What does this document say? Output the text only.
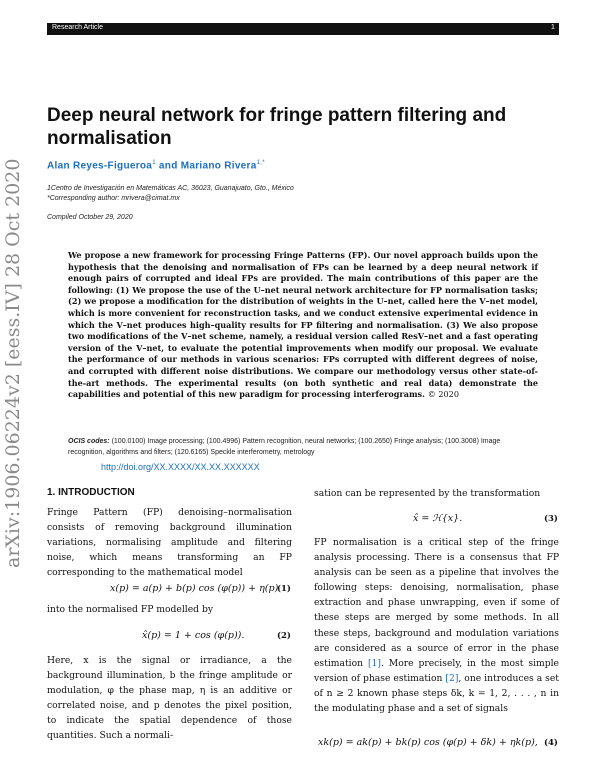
Research Article	1
arXiv:1906.06224v2 [eess.IV] 28 Oct 2020
Deep neural network for fringe pattern filtering and normalisation
Alan Reyes-Figueroa$^1$ and Mariano Rivera$^{1,*}$
1Centro de Investigación en Matemáticas AC, 36023, Guanajuato, Gto., México
*Corresponding author: mrivera@cimat.mx
Compiled October 29, 2020
We propose a new framework for processing Fringe Patterns (FP). Our novel approach builds upon the hypothesis that the denoising and normalisation of FPs can be learned by a deep neural network if enough pairs of corrupted and ideal FPs are provided. The main contributions of this paper are the following: (1) We propose the use of the U–net neural network architecture for FP normalisation tasks; (2) we propose a modification for the distribution of weights in the U–net, called here the V–net model, which is more convenient for reconstruction tasks, and we conduct extensive experimental evidence in which the V–net produces high–quality results for FP filtering and normalisation. (3) We also propose two modifications of the V–net scheme, namely, a residual version called ResV–net and a fast operating version of the V–net, to evaluate the potential improvements when modify our proposal. We evaluate the performance of our methods in various scenarios: FPs corrupted with different degrees of noise, and corrupted with different noise distributions. We compare our methodology versus other state-of-the-art methods. The experimental results (on both synthetic and real data) demonstrate the capabilities and potential of this new paradigm for processing interferograms. © 2020
OCIS codes: (100.0100) Image processing; (100.4996) Pattern recognition, neural networks; (100.2650) Fringe analysis; (100.3008) Image recognition, algorithms and filters; (120.6165) Speckle interferometry, metrology
http://doi.org/XX.XXXX/XX.XX.XXXXXX
1. INTRODUCTION
Fringe Pattern (FP) denoising–normalisation consists of removing background illumination variations, normalising amplitude and filtering noise, which means transforming an FP corresponding to the mathematical model
x(p) = a(p) + b(p) cos (φ(p)) + η(p)
(1)
into the normalised FP modelled by
x̂(p) = 1 + cos (φ(p)).	(2)
Here, x is the signal or irradiance, a the background illumination, b the fringe amplitude or modulation, φ the phase map, η is an additive or correlated noise, and p denotes the pixel position, to indicate the spatial dependence of those quantities. Such a normali-
sation can be represented by the transformation
x̂ = ℋ{x}.	(3)
FP normalisation is a critical step of the fringe analysis processing. There is a consensus that FP analysis can be seen as a pipeline that involves the following steps: denoising, normalisation, phase extraction and phase unwrapping, even if some of these steps are merged by some methods. In all these steps, background and modulation variations are considered as a source of error in the phase estimation [1]. More precisely, in the most simple version of phase estimation [2], one introduces a set of n ≥ 2 known phase steps δk, k = 1, 2, . . . , n in the modulating phase and a set of signals
xk(p) = ak(p) + bk(p) cos (φ(p) + δk) + ηk(p), (4)
